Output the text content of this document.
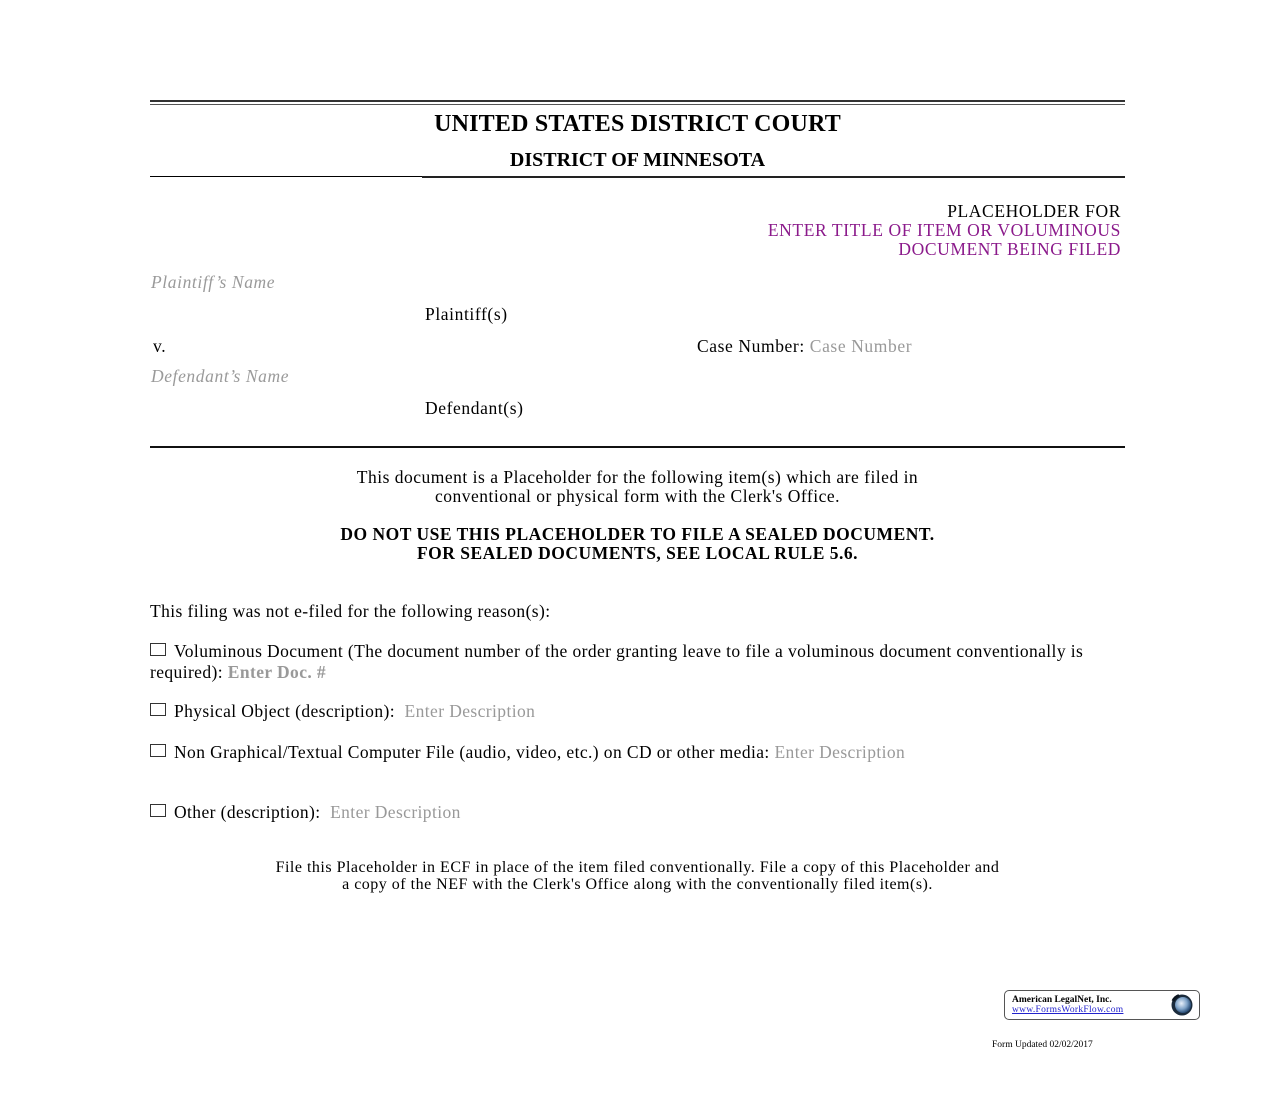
UNITED STATES DISTRICT COURT
DISTRICT OF MINNESOTA
PLACEHOLDER FOR
ENTER TITLE OF ITEM OR VOLUMINOUS
DOCUMENT BEING FILED
Plaintiff’s Name
Plaintiff(s)
v.	Case Number: Case Number
Defendant’s Name
Defendant(s)
This document is a Placeholder for the following item(s) which are filed in
conventional or physical form with the Clerk's Office.
DO NOT USE THIS PLACEHOLDER TO FILE A SEALED DOCUMENT.
FOR SEALED DOCUMENTS, SEE LOCAL RULE 5.6.
This filing was not e-filed for the following reason(s):
Voluminous Document (The document number of the order granting leave to file a voluminous document conventionally is required): Enter Doc. #
Physical Object (description): Enter Description
Non Graphical/Textual Computer File (audio, video, etc.) on CD or other media: Enter Description
Other (description): Enter Description
File this Placeholder in ECF in place of the item filed conventionally. File a copy of this Placeholder and
a copy of the NEF with the Clerk's Office along with the conventionally filed item(s).
American LegalNet, Inc.
www.FormsWorkFlow.com
Form Updated 02/02/2017
